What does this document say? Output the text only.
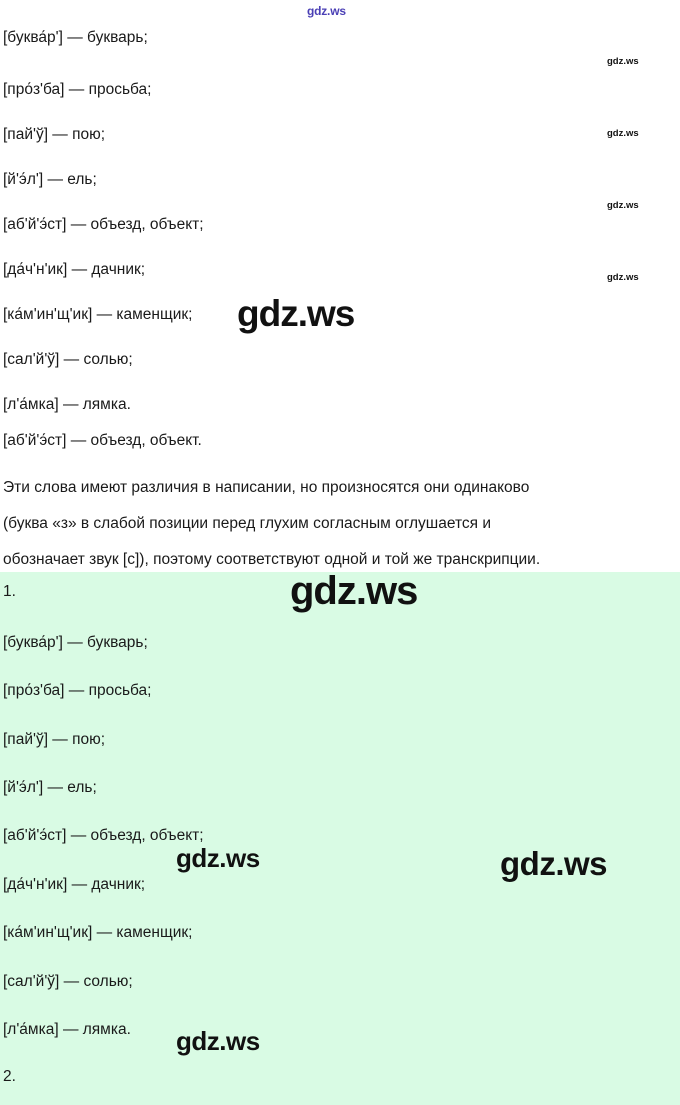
gdz.ws
[буква́р'] — букварь;
[про́з'ба] — просьба;
[пай'ў] — пою;
[й'э́л'] — ель;
[аб'й'э́ст] — объезд, объект;
[да́ч'н'ик] — дачник;
[ка́м'ин'щ'ик] — каменщик;
[сал'й'ў] — солью;
[л'а́мка] — лямка.
[аб'й'э́ст] — объезд, объект.
Эти слова имеют различия в написании, но произносятся они одинаково
(буква «з» в слабой позиции перед глухим согласным оглушается и
обозначает звук [с]), поэтому соответствуют одной и той же транскрипции.
gdz.ws
gdz.ws
gdz.ws
gdz.ws
gdz.ws
1.
[буква́р'] — букварь;
[про́з'ба] — просьба;
[пай'ў] — пою;
[й'э́л'] — ель;
[аб'й'э́ст] — объезд, объект;
[да́ч'н'ик] — дачник;
[ка́м'ин'щ'ик] — каменщик;
[сал'й'ў] — солью;
[л'а́мка] — лямка.
2.
gdz.ws
gdz.ws	gdz.ws
gdz.ws
